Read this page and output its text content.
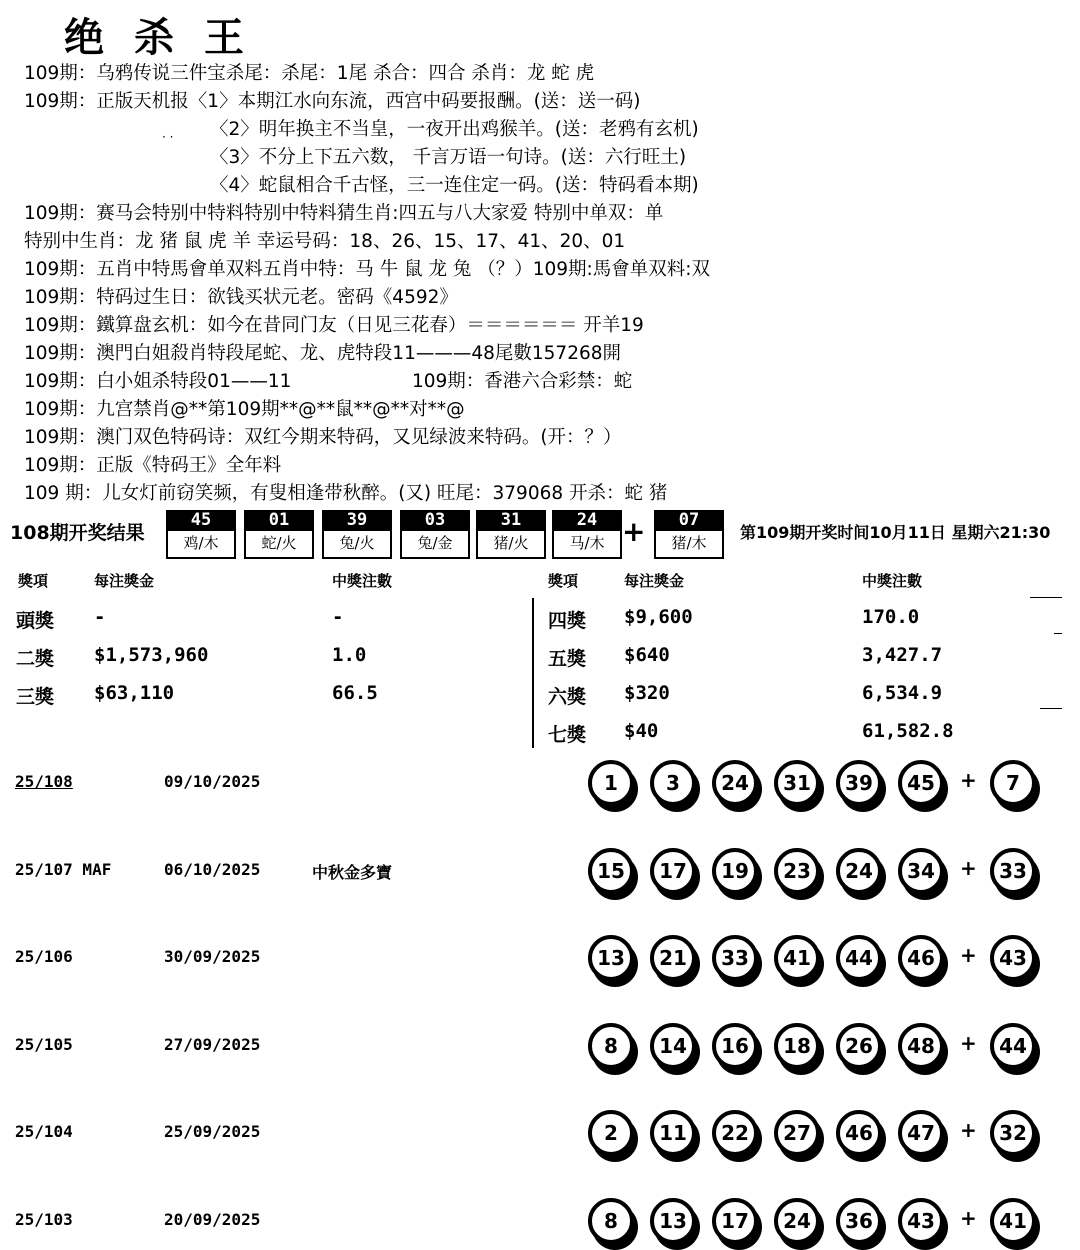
绝杀王
109期：乌鸦传说三件宝杀尾：杀尾：1尾 杀合：四合 杀肖：龙 蛇 虎
109期：正版天机报〈1〉本期江水向东流，西宫中码要报酬。(送：送一码)
〈2〉明年换主不当皇，一夜开出鸡猴羊。(送：老鸦有玄机)
· ·
〈3〉不分上下五六数， 千言万语一句诗。(送：六行旺土)
〈4〉蛇鼠相合千古怪，三一连住定一码。(送：特码看本期)
109期：赛马会特别中特料特别中特料猜生肖:四五与八大家爱 特别中单双：单
特别中生肖：龙 猪 鼠 虎 羊 幸运号码：18、26、15、17、41、20、01
109期：五肖中特馬會单双料五肖中特：马 牛 鼠 龙 兔 （？）109期:馬會单双料:双
109期：特码过生日：欲钱买状元老。密码《4592》
109期：鐵算盘玄机：如今在昔同门友（日见三花春）＝＝＝＝＝＝ 开羊19
109期：澳門白姐殺肖特段尾蛇、龙、虎特段11———48尾數157268開
109期：白小姐杀特段01——11	109期：香港六合彩禁：蛇
109期：九宫禁肖@**第109期**@**鼠**@**对**@
109期：澳门双色特码诗：双红今期来特码，又见绿波来特码。(开：？）
109期：正版《特码王》全年料
109 期：儿女灯前窃笑频，有叟相逢带秋醉。(又) 旺尾：379068 开杀：蛇 猪
108期开奖结果
45
鸡/木
01
蛇/火
39
兔/火
03
兔/金
31
猪/火
24
马/木
07
猪/木
+	第109期开奖时间10月11日 星期六21:30
獎項	每注獎金	中獎注數	獎項	每注獎金	中獎注數
頭獎 -	-
二獎 $1,573,960	1.0
三獎 $63,110	66.5
四獎 $9,600	170.0
五獎 $640	3,427.7
六獎 $320	6,534.9
七獎 $40	61,582.8
25/108	09/10/2025	1	3	24	31	39	45	+	7
25/107 MAF	06/10/2025	中秋金多寶	15	17	19	23	24	34	+	33
25/106	30/09/2025	13	21	33	41	44	46	+	43
25/105	27/09/2025	8	14	16	18	26	48	+	44
25/104	25/09/2025	2	11	22	27	46	47	+	32
25/103	20/09/2025	8	13	17	24	36	43	+	41
